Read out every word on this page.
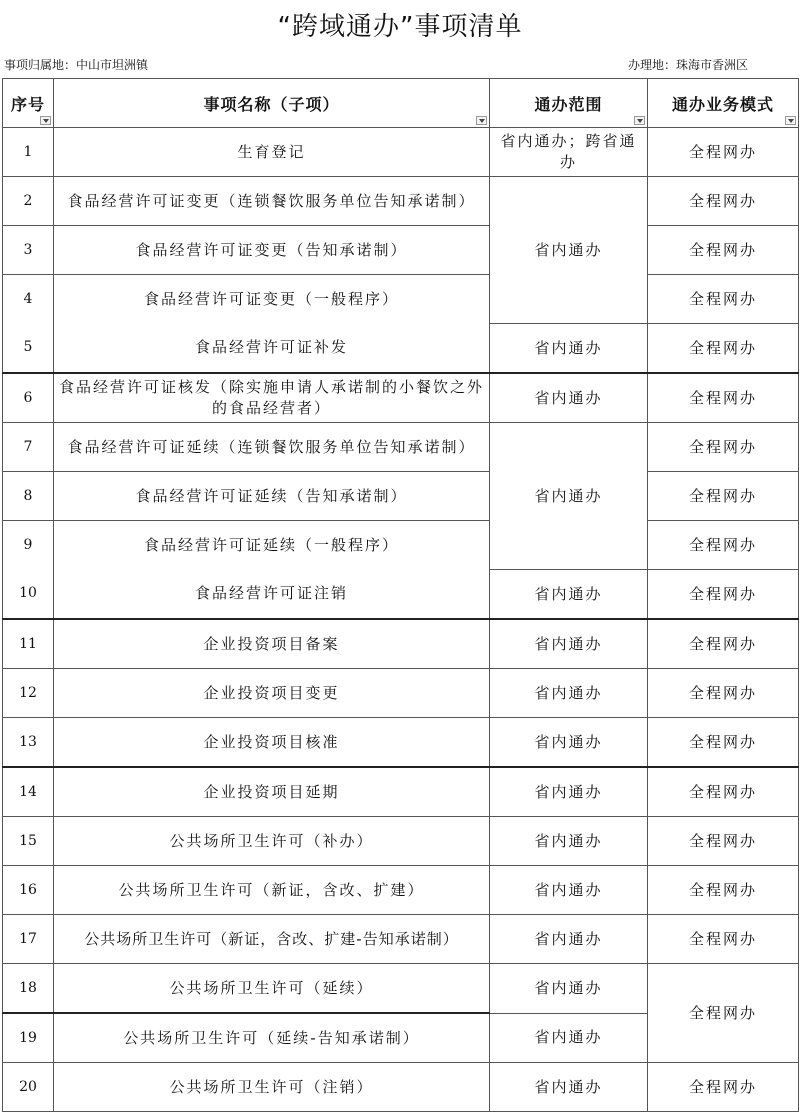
“跨域通办”事项清单
事项归属地：中山市坦洲镇	办理地：珠海市香洲区
序号	事项名称（子项）	通办范围	通办业务模式

1	生育登记	省内通办；跨省通办	全程网办
2	食品经营许可证变更（连锁餐饮服务单位告知承诺制）	省内通办	全程网办
3	食品经营许可证变更（告知承诺制）		全程网办
4	食品经营许可证变更（一般程序）		全程网办
5	食品经营许可证补发	省内通办	全程网办
6	食品经营许可证核发（除实施申请人承诺制的小餐饮之外的食品经营者）	省内通办	全程网办
7	食品经营许可证延续（连锁餐饮服务单位告知承诺制）	省内通办	全程网办
8	食品经营许可证延续（告知承诺制）		全程网办
9	食品经营许可证延续（一般程序）		全程网办
10	食品经营许可证注销	省内通办	全程网办
11	企业投资项目备案	省内通办	全程网办
12	企业投资项目变更	省内通办	全程网办
13	企业投资项目核准	省内通办	全程网办
14	企业投资项目延期	省内通办	全程网办
15	公共场所卫生许可（补办）	省内通办	全程网办
16	公共场所卫生许可（新证，含改、扩建）	省内通办	全程网办
17	公共场所卫生许可（新证，含改、扩建-告知承诺制）	省内通办	全程网办
18	公共场所卫生许可（延续）	省内通办	全程网办
19	公共场所卫生许可（延续-告知承诺制）	省内通办	
20	公共场所卫生许可（注销）	省内通办	全程网办
